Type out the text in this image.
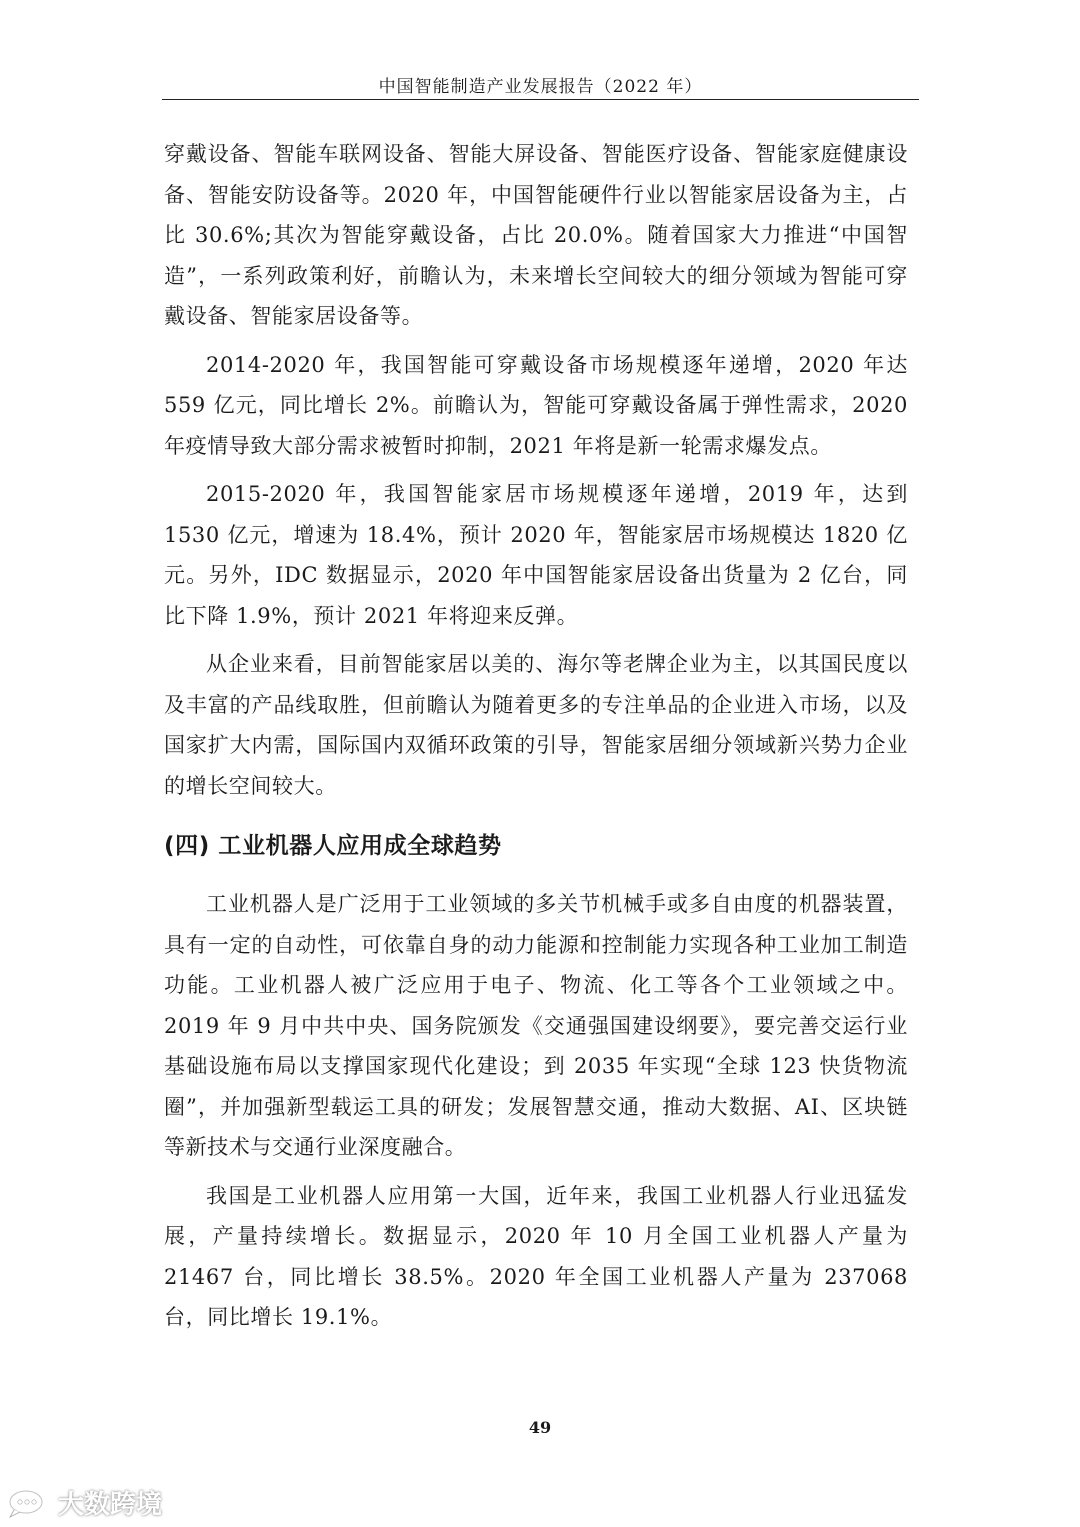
中国智能制造产业发展报告（2022 年）

穿戴设备、智能车联网设备、智能大屏设备、智能医疗设备、智能家庭健康设备、智能安防设备等。2020 年，中国智能硬件行业以智能家居设备为主，占比 30.6%;其次为智能穿戴设备，占比 20.0%。随着国家大力推进“中国智造”，一系列政策利好，前瞻认为，未来增长空间较大的细分领域为智能可穿戴设备、智能家居设备等。

2014-2020 年，我国智能可穿戴设备市场规模逐年递增，2020 年达 559 亿元，同比增长 2%。前瞻认为，智能可穿戴设备属于弹性需求，2020 年疫情导致大部分需求被暂时抑制，2021 年将是新一轮需求爆发点。

2015-2020 年，我国智能家居市场规模逐年递增，2019 年，达到 1530 亿元，增速为 18.4%，预计 2020 年，智能家居市场规模达 1820 亿元。另外，IDC 数据显示，2020 年中国智能家居设备出货量为 2 亿台，同比下降 1.9%，预计 2021 年将迎来反弹。

从企业来看，目前智能家居以美的、海尔等老牌企业为主，以其国民度以及丰富的产品线取胜，但前瞻认为随着更多的专注单品的企业进入市场，以及国家扩大内需，国际国内双循环政策的引导，智能家居细分领域新兴势力企业的增长空间较大。

(四) 工业机器人应用成全球趋势

工业机器人是广泛用于工业领域的多关节机械手或多自由度的机器装置，具有一定的自动性，可依靠自身的动力能源和控制能力实现各种工业加工制造功能。工业机器人被广泛应用于电子、物流、化工等各个工业领域之中。2019 年 9 月中共中央、国务院颁发《交通强国建设纲要》，要完善交运行业基础设施布局以支撑国家现代化建设；到 2035 年实现“全球 123 快货物流圈”，并加强新型载运工具的研发；发展智慧交通，推动大数据、AI、区块链等新技术与交通行业深度融合。

我国是工业机器人应用第一大国，近年来，我国工业机器人行业迅猛发展，产量持续增长。数据显示，2020 年 10 月全国工业机器人产量为 21467 台，同比增长 38.5%。2020 年全国工业机器人产量为 237068 台，同比增长 19.1%。

49
大数跨境
